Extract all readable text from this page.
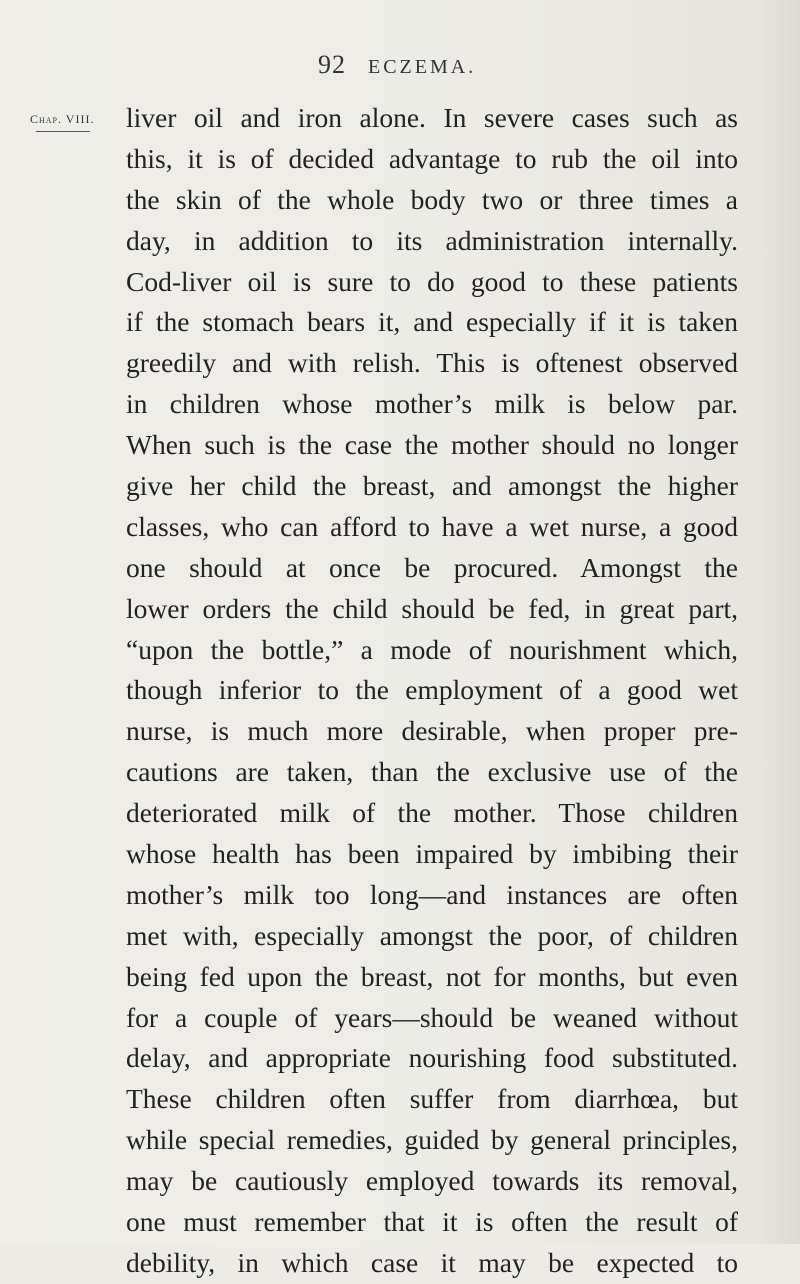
92 ECZEMA.
Chap. VIII. liver oil and iron alone. In severe cases such as
this, it is of decided advantage to rub the oil into
the skin of the whole body two or three times a
day, in addition to its administration internally.
Cod-liver oil is sure to do good to these patients
if the stomach bears it, and especially if it is taken
greedily and with relish. This is oftenest observed
in children whose mother’s milk is below par.
When such is the case the mother should no longer
give her child the breast, and amongst the higher
classes, who can afford to have a wet nurse, a good
one should at once be procured. Amongst the
lower orders the child should be fed, in great part,
“upon the bottle,” a mode of nourishment which,
though inferior to the employment of a good wet
nurse, is much more desirable, when proper pre-
cautions are taken, than the exclusive use of the
deteriorated milk of the mother. Those children
whose health has been impaired by imbibing their
mother’s milk too long—and instances are often
met with, especially amongst the poor, of children
being fed upon the breast, not for months, but even
for a couple of years—should be weaned without
delay, and appropriate nourishing food substituted.
These children often suffer from diarrhœa, but
while special remedies, guided by general principles,
may be cautiously employed towards its removal,
one must remember that it is often the result of
debility, in which case it may be expected to
